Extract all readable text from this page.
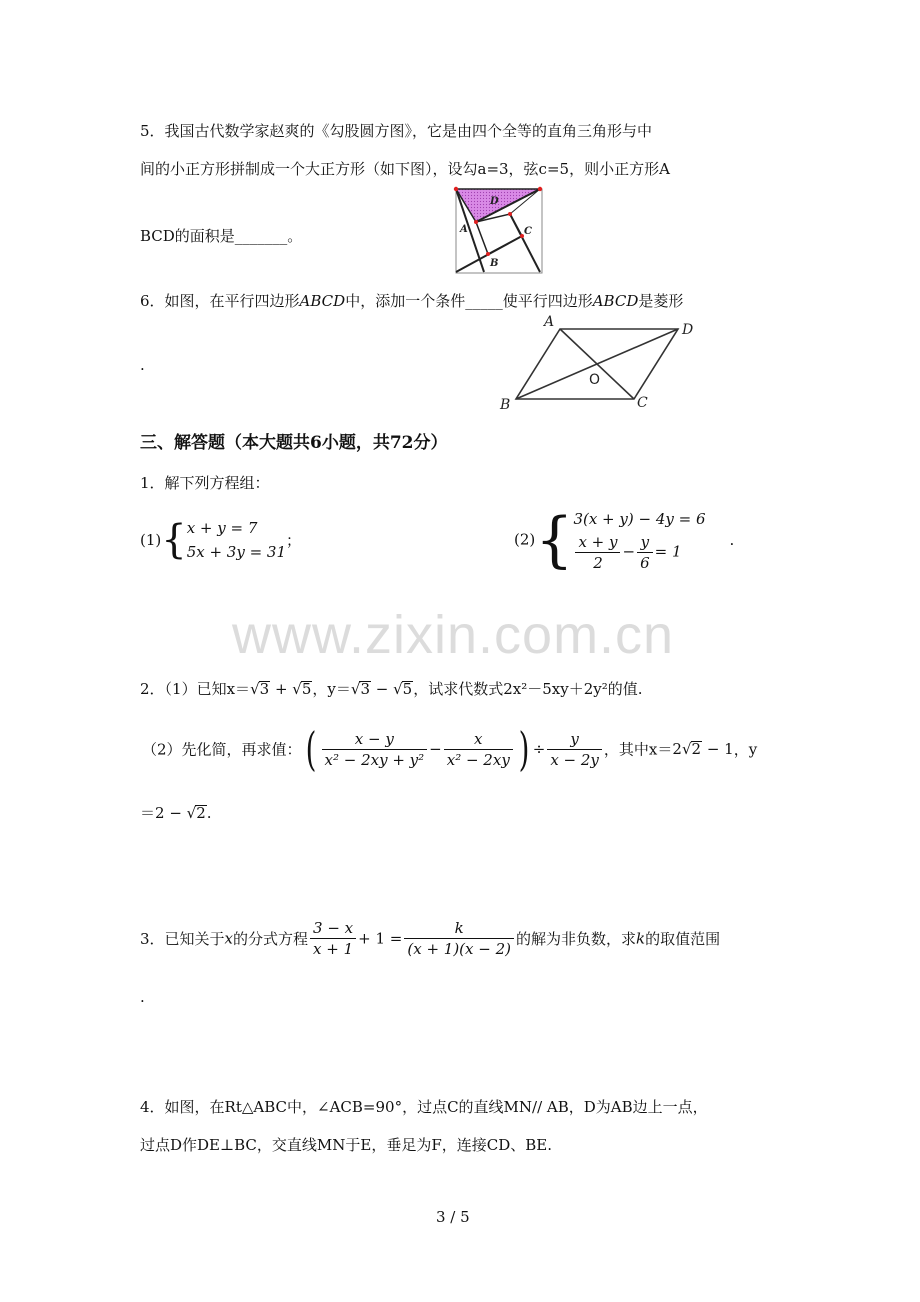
www.zixin.com.cn
5．我国古代数学家赵爽的《勾股圆方图》，它是由四个全等的直角三角形与中
间的小正方形拼制成一个大正方形（如下图），设勾a=3，弦c=5，则小正方形A
BCD的面积是_______。
D
A	C
B
6．如图，在平行四边形ABCD中，添加一个条件_____使平行四边形ABCD是菱形
.
A	D
B	C
O
三、解答题（本大题共6小题，共72分）
1．解下列方程组：
(1){ x + y = 7
5x + 3y = 31
；	(2){ 3(x + y) − 4y = 6
$\frac{x + y}{2} - \frac{y}{6} = 1$
.
2．（1）已知x＝√3 + √5，y＝√3 − √5，试求代数式2x²－5xy＋2y²的值.
（2）先化简，再求值：( $\frac{x - y}{\text{x² − 2xy + y²}} - \frac{x}{\text{x² − 2xy}}$ ) ÷ $\frac{y}{x - 2y}$ ，其中x＝2√2 − 1，y
＝2 − √2.
3．已知关于x的分式方程 $\frac{3 - x}{x + 1} + 1 = \frac{k}{(x + 1)(x - 2)}$ 的解为非负数，求k的取值范围
.
4．如图，在Rt△ABC中，∠ACB=90°，过点C的直线MN// AB，D为AB边上一点，
过点D作DE⊥BC，交直线MN于E，垂足为F，连接CD、BE.
3 / 5
